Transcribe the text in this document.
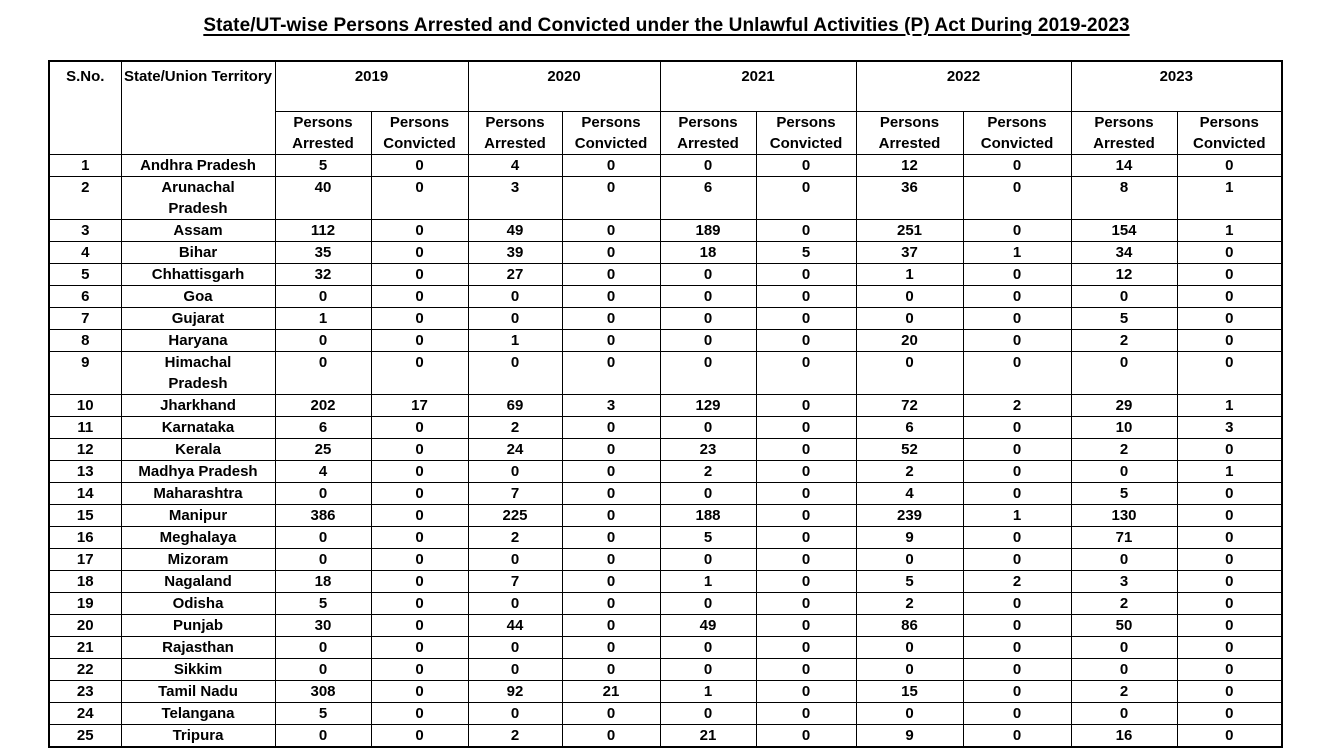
State/UT-wise Persons Arrested and Convicted under the Unlawful Activities (P) Act During 2019-2023
S.No.	State/Union Territory	2019		2020		2021		2022		2023	
		Persons Arrested	Persons Convicted	Persons Arrested	Persons Convicted	Persons Arrested	Persons Convicted	Persons Arrested	Persons Convicted	Persons Arrested	Persons Convicted
1	Andhra Pradesh	5	0	4	0	0	0	12	0	14	0
2	Arunachal Pradesh	40	0	3	0	6	0	36	0	8	1
3	Assam	112	0	49	0	189	0	251	0	154	1
4	Bihar	35	0	39	0	18	5	37	1	34	0
5	Chhattisgarh	32	0	27	0	0	0	1	0	12	0
6	Goa	0	0	0	0	0	0	0	0	0	0
7	Gujarat	1	0	0	0	0	0	0	0	5	0
8	Haryana	0	0	1	0	0	0	20	0	2	0
9	Himachal Pradesh	0	0	0	0	0	0	0	0	0	0
10	Jharkhand	202	17	69	3	129	0	72	2	29	1
11	Karnataka	6	0	2	0	0	0	6	0	10	3
12	Kerala	25	0	24	0	23	0	52	0	2	0
13	Madhya Pradesh	4	0	0	0	2	0	2	0	0	1
14	Maharashtra	0	0	7	0	0	0	4	0	5	0
15	Manipur	386	0	225	0	188	0	239	1	130	0
16	Meghalaya	0	0	2	0	5	0	9	0	71	0
17	Mizoram	0	0	0	0	0	0	0	0	0	0
18	Nagaland	18	0	7	0	1	0	5	2	3	0
19	Odisha	5	0	0	0	0	0	2	0	2	0
20	Punjab	30	0	44	0	49	0	86	0	50	0
21	Rajasthan	0	0	0	0	0	0	0	0	0	0
22	Sikkim	0	0	0	0	0	0	0	0	0	0
23	Tamil Nadu	308	0	92	21	1	0	15	0	2	0
24	Telangana	5	0	0	0	0	0	0	0	0	0
25	Tripura	0	0	2	0	21	0	9	0	16	0
